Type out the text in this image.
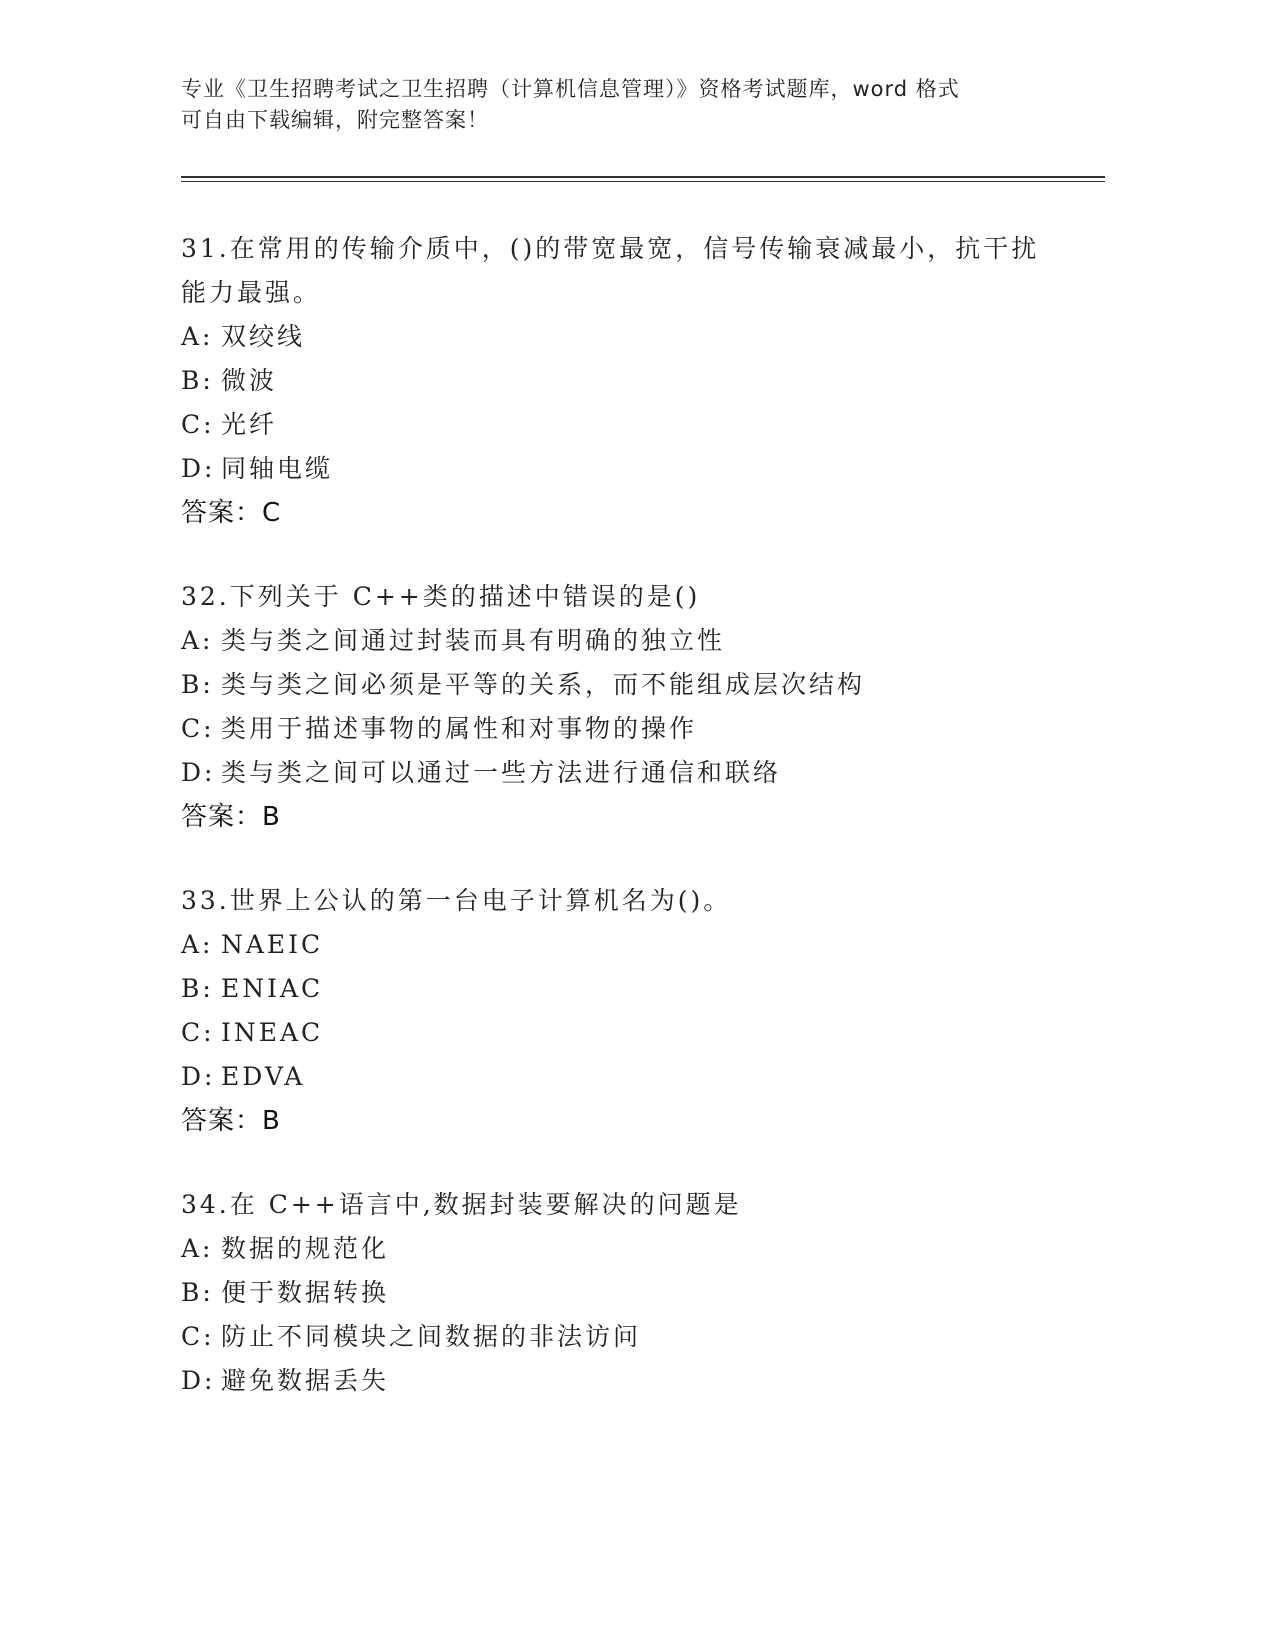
专业《卫生招聘考试之卫生招聘（计算机信息管理）》资格考试题库，word 格式
可自由下载编辑，附完整答案！
31.在常用的传输介质中，()的带宽最宽，信号传输衰减最小，抗干扰
能力最强。
A: 双绞线
B: 微波
C: 光纤
D: 同轴电缆
答案：C
32.下列关于 C++类的描述中错误的是()
A: 类与类之间通过封装而具有明确的独立性
B: 类与类之间必须是平等的关系，而不能组成层次结构
C: 类用于描述事物的属性和对事物的操作
D: 类与类之间可以通过一些方法进行通信和联络
答案：B
33.世界上公认的第一台电子计算机名为()。
A: NAEIC
B: ENIAC
C: INEAC
D: EDVA
答案：B
34.在 C++语言中,数据封装要解决的问题是
A: 数据的规范化
B: 便于数据转换
C: 防止不同模块之间数据的非法访问
D: 避免数据丢失
